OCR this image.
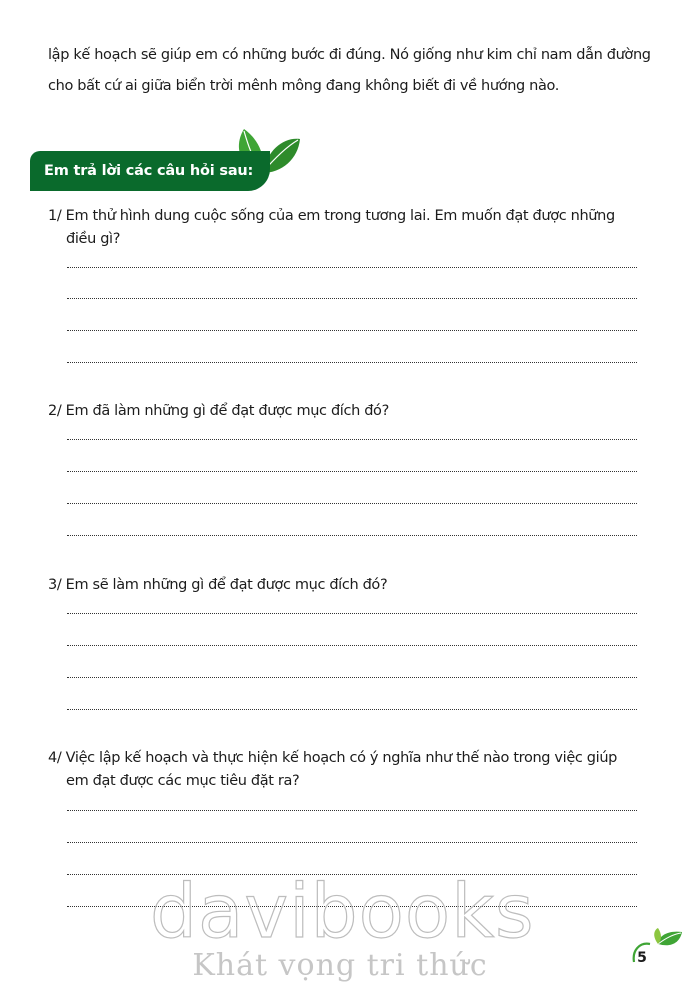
lập kế hoạch sẽ giúp em có những bước đi đúng. Nó giống như kim chỉ nam dẫn đường
cho bất cứ ai giữa biển trời mênh mông đang không biết đi về hướng nào.

Em trả lời các câu hỏi sau:

1/ Em thử hình dung cuộc sống của em trong tương lai. Em muốn đạt được những
điều gì?

2/ Em đã làm những gì để đạt được mục đích đó?

3/ Em sẽ làm những gì để đạt được mục đích đó?

4/ Việc lập kế hoạch và thực hiện kế hoạch có ý nghĩa như thế nào trong việc giúp
em đạt được các mục tiêu đặt ra?

davibooks
Khát vọng tri thức	5
